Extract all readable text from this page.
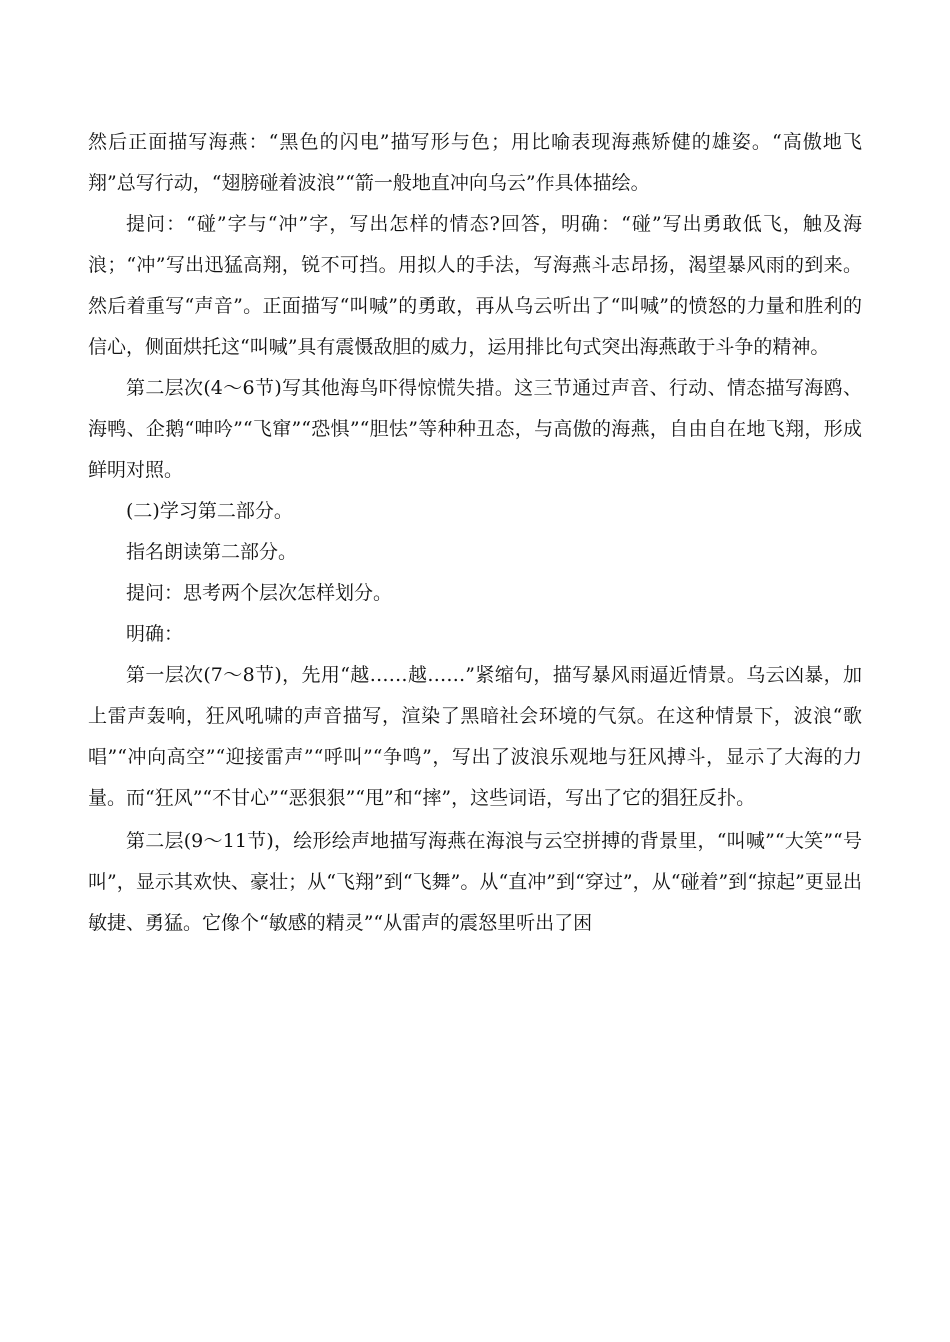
然后正面描写海燕：“黑色的闪电”描写形与色；用比喻表现海燕矫健的雄姿。“高傲地飞翔”总写行动，“翅膀碰着波浪”“箭一般地直冲向乌云”作具体描绘。

提问：“碰”字与“冲”字，写出怎样的情态?回答，明确：“碰”写出勇敢低飞，触及海浪；“冲”写出迅猛高翔，锐不可挡。用拟人的手法，写海燕斗志昂扬，渴望暴风雨的到来。然后着重写“声音”。正面描写“叫喊”的勇敢，再从乌云听出了“叫喊”的愤怒的力量和胜利的信心，侧面烘托这“叫喊”具有震慑敌胆的威力，运用排比句式突出海燕敢于斗争的精神。

第二层次(4～6节)写其他海鸟吓得惊慌失措。这三节通过声音、行动、情态描写海鸥、海鸭、企鹅“呻吟”“飞窜”“恐惧”“胆怯”等种种丑态，与高傲的海燕，自由自在地飞翔，形成鲜明对照。

(二)学习第二部分。

指名朗读第二部分。

提问：思考两个层次怎样划分。

明确：

第一层次(7～8节)，先用“越……越……”紧缩句，描写暴风雨逼近情景。乌云凶暴，加上雷声轰响，狂风吼啸的声音描写，渲染了黑暗社会环境的气氛。在这种情景下，波浪“歌唱”“冲向高空”“迎接雷声”“呼叫”“争鸣”，写出了波浪乐观地与狂风搏斗，显示了大海的力量。而“狂风”“不甘心”“恶狠狠”“甩”和“摔”，这些词语，写出了它的猖狂反扑。

第二层(9～11节)，绘形绘声地描写海燕在海浪与云空拼搏的背景里，“叫喊”“大笑”“号叫”，显示其欢快、豪壮；从“飞翔”到“飞舞”。从“直冲”到“穿过”，从“碰着”到“掠起”更显出敏捷、勇猛。它像个“敏感的精灵”“从雷声的震怒里听出了困
